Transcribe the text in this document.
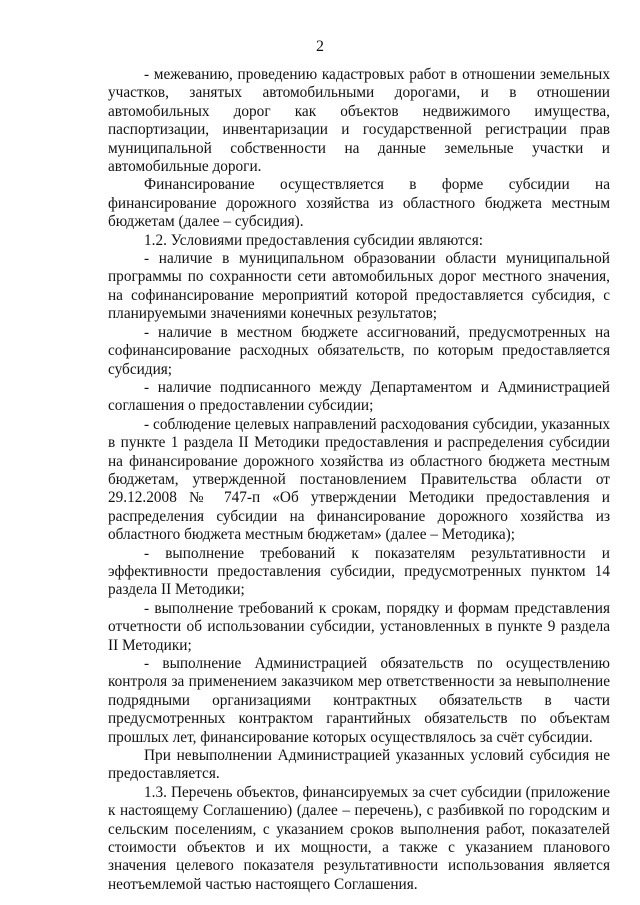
2

- межеванию, проведению кадастровых работ в отношении земельных участков, занятых автомобильными дорогами, и в отношении автомобильных дорог как объектов недвижимого имущества, паспортизации, инвентаризации и государственной регистрации прав муниципальной собственности на данные земельные участки и автомобильные дороги.

Финансирование осуществляется в форме субсидии на финансирование дорожного хозяйства из областного бюджета местным бюджетам (далее – субсидия).

1.2. Условиями предоставления субсидии являются:

- наличие в муниципальном образовании области муниципальной программы по сохранности сети автомобильных дорог местного значения, на софинансирование мероприятий которой предоставляется субсидия, с планируемыми значениями конечных результатов;

- наличие в местном бюджете ассигнований, предусмотренных на софинансирование расходных обязательств, по которым предоставляется субсидия;

- наличие подписанного между Департаментом и Администрацией соглашения о предоставлении субсидии;

- соблюдение целевых направлений расходования субсидии, указанных в пункте 1 раздела II Методики предоставления и распределения субсидии на финансирование дорожного хозяйства из областного бюджета местным бюджетам, утвержденной постановлением Правительства области от 29.12.2008 № 747-п «Об утверждении Методики предоставления и распределения субсидии на финансирование дорожного хозяйства из областного бюджета местным бюджетам» (далее – Методика);

- выполнение требований к показателям результативности и эффективности предоставления субсидии, предусмотренных пунктом 14 раздела II Методики;

- выполнение требований к срокам, порядку и формам представления отчетности об использовании субсидии, установленных в пункте 9 раздела II Методики;

- выполнение Администрацией обязательств по осуществлению контроля за применением заказчиком мер ответственности за невыполнение подрядными организациями контрактных обязательств в части предусмотренных контрактом гарантийных обязательств по объектам прошлых лет, финансирование которых осуществлялось за счёт субсидии.

При невыполнении Администрацией указанных условий субсидия не предоставляется.

1.3. Перечень объектов, финансируемых за счет субсидии (приложение к настоящему Соглашению) (далее – перечень), с разбивкой по городским и сельским поселениям, с указанием сроков выполнения работ, показателей стоимости объектов и их мощности, а также с указанием планового значения целевого показателя результативности использования является неотъемлемой частью настоящего Соглашения.
